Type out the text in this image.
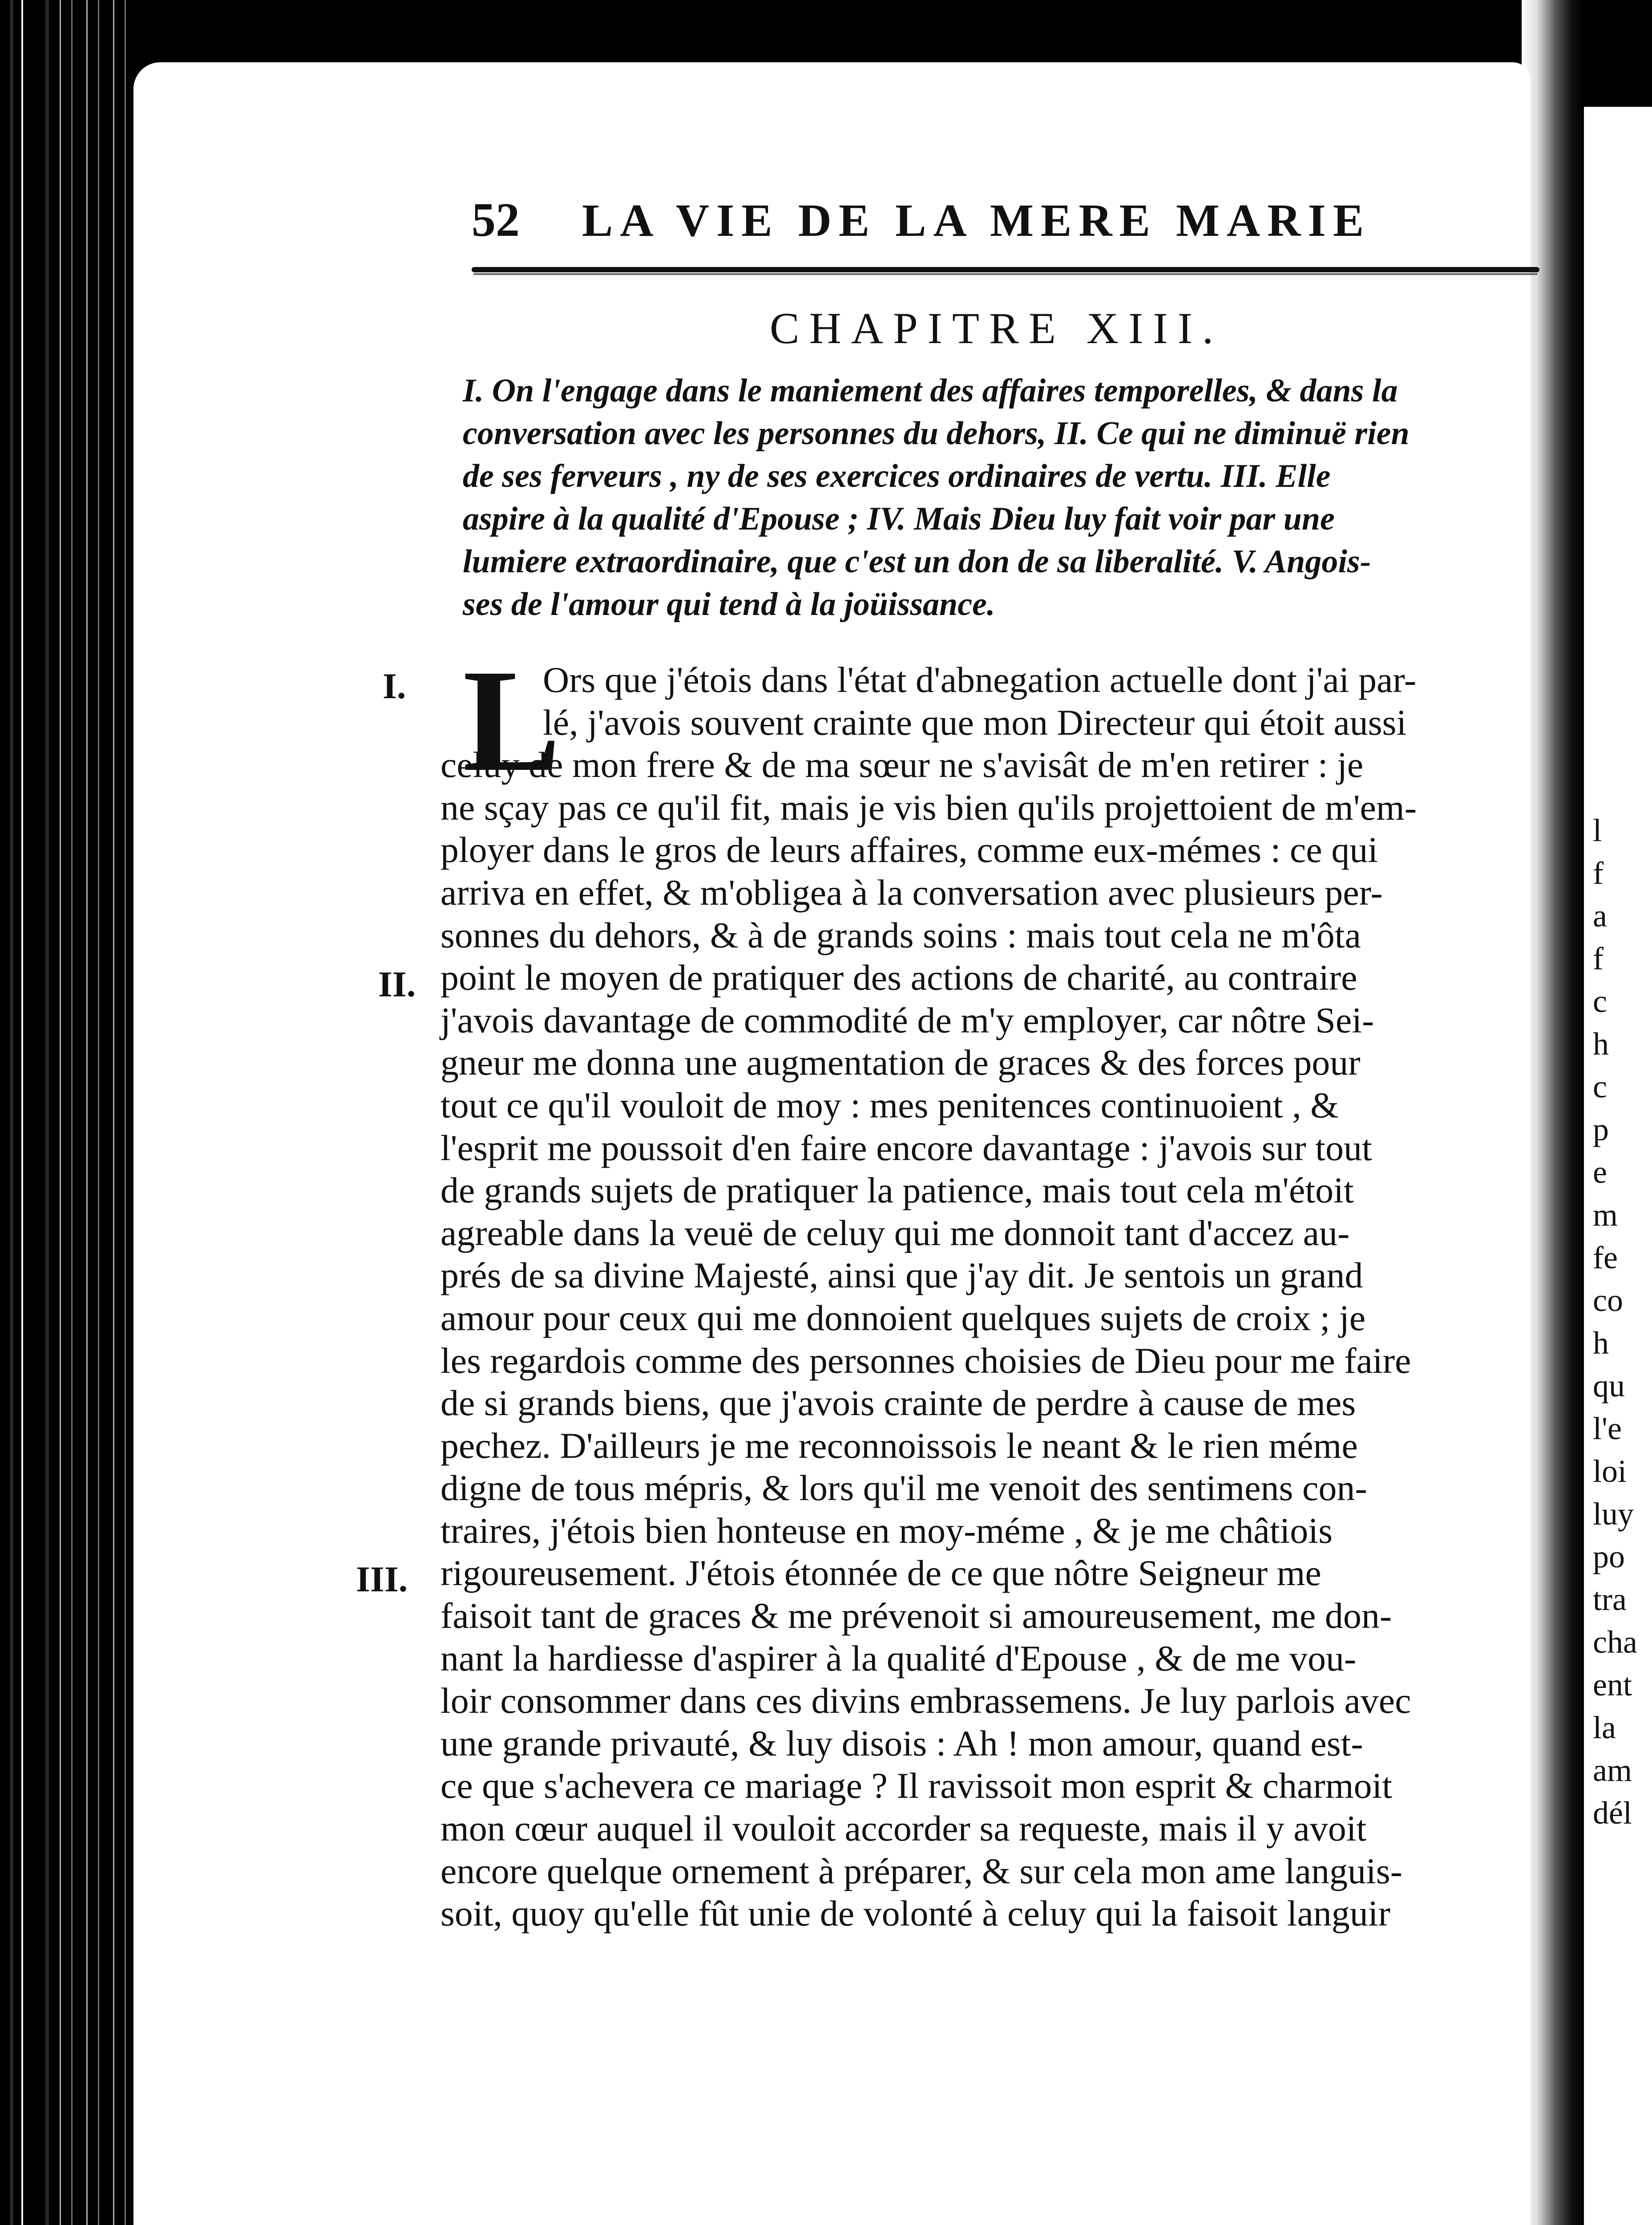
l
f
a
f
c
h
c
p
e
m
fe
co
h
qu
l'e
loi
luy
po
tra
cha
ent
la
am
dél
52 LA VIE DE LA MERE MARIE
CHAPITRE XIII.
I. On l'engage dans le maniement des affaires temporelles, & dans la
conversation avec les personnes du dehors, II. Ce qui ne diminuë rien
de ses ferveurs , ny de ses exercices ordinaires de vertu. III. Elle
aspire à la qualité d'Epouse ; IV. Mais Dieu luy fait voir par une
lumiere extraordinaire, que c'est un don de sa liberalité. V. Angois-
ses de l'amour qui tend à la joüissance.
I.
II.
III.
L
Ors que j'étois dans l'état d'abnegation actuelle dont j'ai par-
lé, j'avois souvent crainte que mon Directeur qui étoit aussi
celuy de mon frere & de ma sœur ne s'avisât de m'en retirer : je
ne sçay pas ce qu'il fit, mais je vis bien qu'ils projettoient de m'em-
ployer dans le gros de leurs affaires, comme eux-mémes : ce qui
arriva en effet, & m'obligea à la conversation avec plusieurs per-
sonnes du dehors, & à de grands soins : mais tout cela ne m'ôta
point le moyen de pratiquer des actions de charité, au contraire
j'avois davantage de commodité de m'y employer, car nôtre Sei-
gneur me donna une augmentation de graces & des forces pour
tout ce qu'il vouloit de moy : mes penitences continuoient , &
l'esprit me poussoit d'en faire encore davantage : j'avois sur tout
de grands sujets de pratiquer la patience, mais tout cela m'étoit
agreable dans la veuë de celuy qui me donnoit tant d'accez au-
prés de sa divine Majesté, ainsi que j'ay dit. Je sentois un grand
amour pour ceux qui me donnoient quelques sujets de croix ; je
les regardois comme des personnes choisies de Dieu pour me faire
de si grands biens, que j'avois crainte de perdre à cause de mes
pechez. D'ailleurs je me reconnoissois le neant & le rien méme
digne de tous mépris, & lors qu'il me venoit des sentimens con-
traires, j'étois bien honteuse en moy-méme , & je me châtiois
rigoureusement. J'étois étonnée de ce que nôtre Seigneur me
faisoit tant de graces & me prévenoit si amoureusement, me don-
nant la hardiesse d'aspirer à la qualité d'Epouse , & de me vou-
loir consommer dans ces divins embrassemens. Je luy parlois avec
une grande privauté, & luy disois : Ah ! mon amour, quand est-
ce que s'achevera ce mariage ? Il ravissoit mon esprit & charmoit
mon cœur auquel il vouloit accorder sa requeste, mais il y avoit
encore quelque ornement à préparer, & sur cela mon ame languis-
soit, quoy qu'elle fût unie de volonté à celuy qui la faisoit languir
